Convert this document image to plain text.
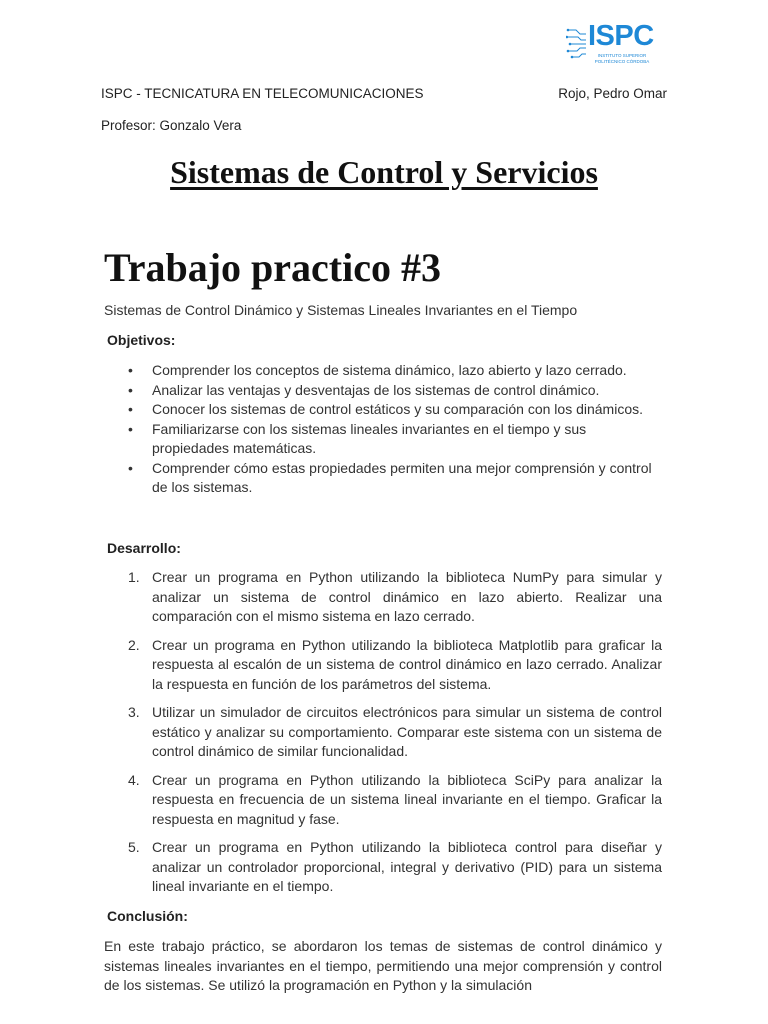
ISPC
INSTITUTO SUPERIOR POLITÉCNICO CÓRDOBA
ISPC - TECNICATURA EN TELECOMUNICACIONES	Rojo, Pedro Omar
Profesor: Gonzalo Vera
Sistemas de Control y Servicios
Trabajo practico #3
Sistemas de Control Dinámico y Sistemas Lineales Invariantes en el Tiempo
Objetivos:
• Comprender los conceptos de sistema dinámico, lazo abierto y lazo cerrado.
• Analizar las ventajas y desventajas de los sistemas de control dinámico.
• Conocer los sistemas de control estáticos y su comparación con los dinámicos.
• Familiarizarse con los sistemas lineales invariantes en el tiempo y sus propiedades matemáticas.
• Comprender cómo estas propiedades permiten una mejor comprensión y control de los sistemas.
Desarrollo:
1. Crear un programa en Python utilizando la biblioteca NumPy para simular y analizar un sistema de control dinámico en lazo abierto. Realizar una comparación con el mismo sistema en lazo cerrado.
2. Crear un programa en Python utilizando la biblioteca Matplotlib para graficar la respuesta al escalón de un sistema de control dinámico en lazo cerrado. Analizar la respuesta en función de los parámetros del sistema.
3. Utilizar un simulador de circuitos electrónicos para simular un sistema de control estático y analizar su comportamiento. Comparar este sistema con un sistema de control dinámico de similar funcionalidad.
4. Crear un programa en Python utilizando la biblioteca SciPy para analizar la respuesta en frecuencia de un sistema lineal invariante en el tiempo. Graficar la respuesta en magnitud y fase.
5. Crear un programa en Python utilizando la biblioteca control para diseñar y analizar un controlador proporcional, integral y derivativo (PID) para un sistema lineal invariante en el tiempo.
Conclusión:
En este trabajo práctico, se abordaron los temas de sistemas de control dinámico y sistemas lineales invariantes en el tiempo, permitiendo una mejor comprensión y control de los sistemas. Se utilizó la programación en Python y la simulación
